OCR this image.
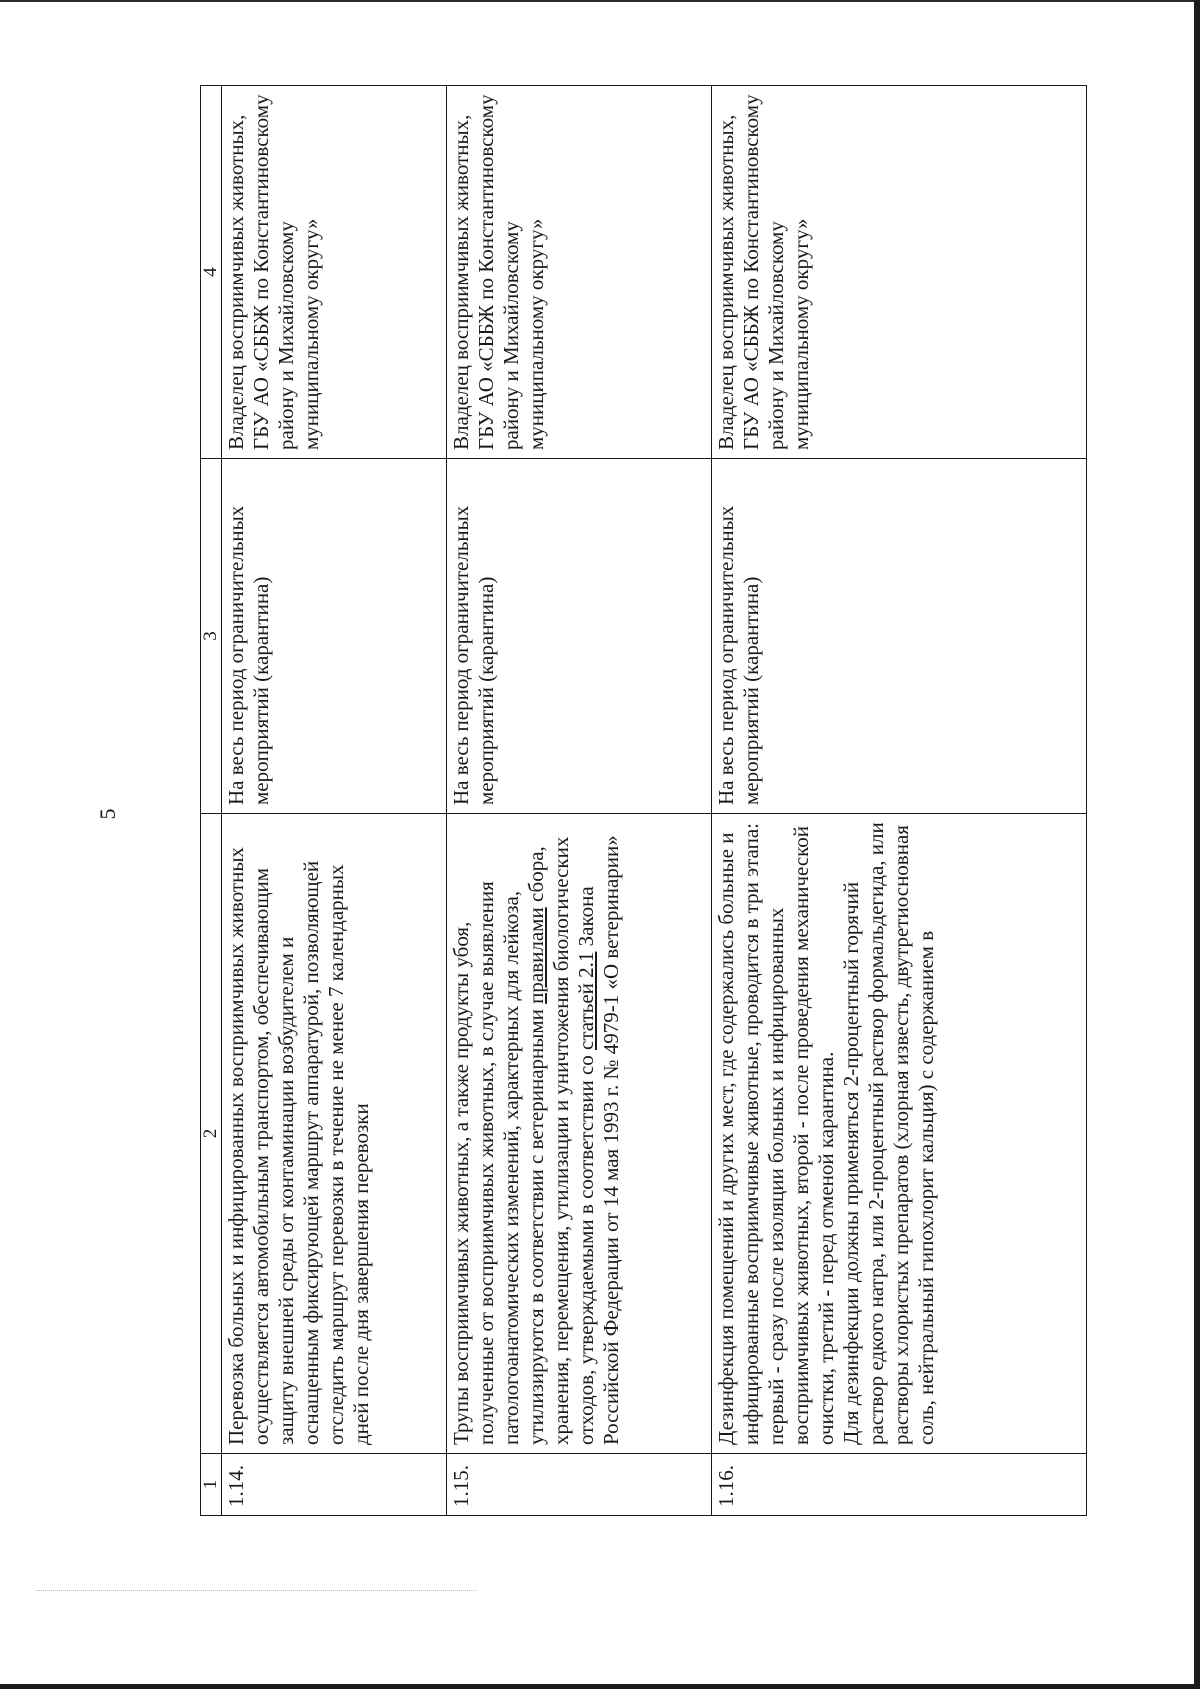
5
1	2	3	4
1.14.	Перевозка больных и инфицированных восприимчивых животных осуществляется автомобильным транспортом, обеспечивающим защиту внешней среды от контаминации возбудителем и оснащенным фиксирующей маршрут аппаратурой, позволяющей отследить маршрут перевозки в течение не менее 7 календарных дней после дня завершения перевозки	На весь период ограничительных мероприятий (карантина)	Владелец восприимчивых животных, ГБУ АО «СББЖ по Константиновскому району и Михайловскому муниципальному округу»
1.15.	Трупы восприимчивых животных, а также продукты убоя, полученные от восприимчивых животных, в случае выявления патологоанатомических изменений, характерных для лейкоза, утилизируются в соответствии с ветеринарными правилами сбора, хранения, перемещения, утилизации и уничтожения биологических отходов, утверждаемыми в соответствии со статьей 2.1 Закона Российской Федерации от 14 мая 1993 г. № 4979-1 «О ветеринарии»	На весь период ограничительных мероприятий (карантина)	Владелец восприимчивых животных, ГБУ АО «СББЖ по Константиновскому району и Михайловскому муниципальному округу»
1.16.	Дезинфекция помещений и других мест, где содержались больные и инфицированные восприимчивые животные, проводится в три этапа: первый - сразу после изоляции больных и инфицированных восприимчивых животных, второй - после проведения механической очистки, третий - перед отменой карантина. Для дезинфекции должны применяться 2-процентный горячий раствор едкого натра, или 2-процентный раствор формальдегида, или растворы хлористых препаратов (хлорная известь, двутретиосновная соль, нейтральный гипохлорит кальция) с содержанием в	На весь период ограничительных мероприятий (карантина)	Владелец восприимчивых животных, ГБУ АО «СББЖ по Константиновскому району и Михайловскому муниципальному округу»
